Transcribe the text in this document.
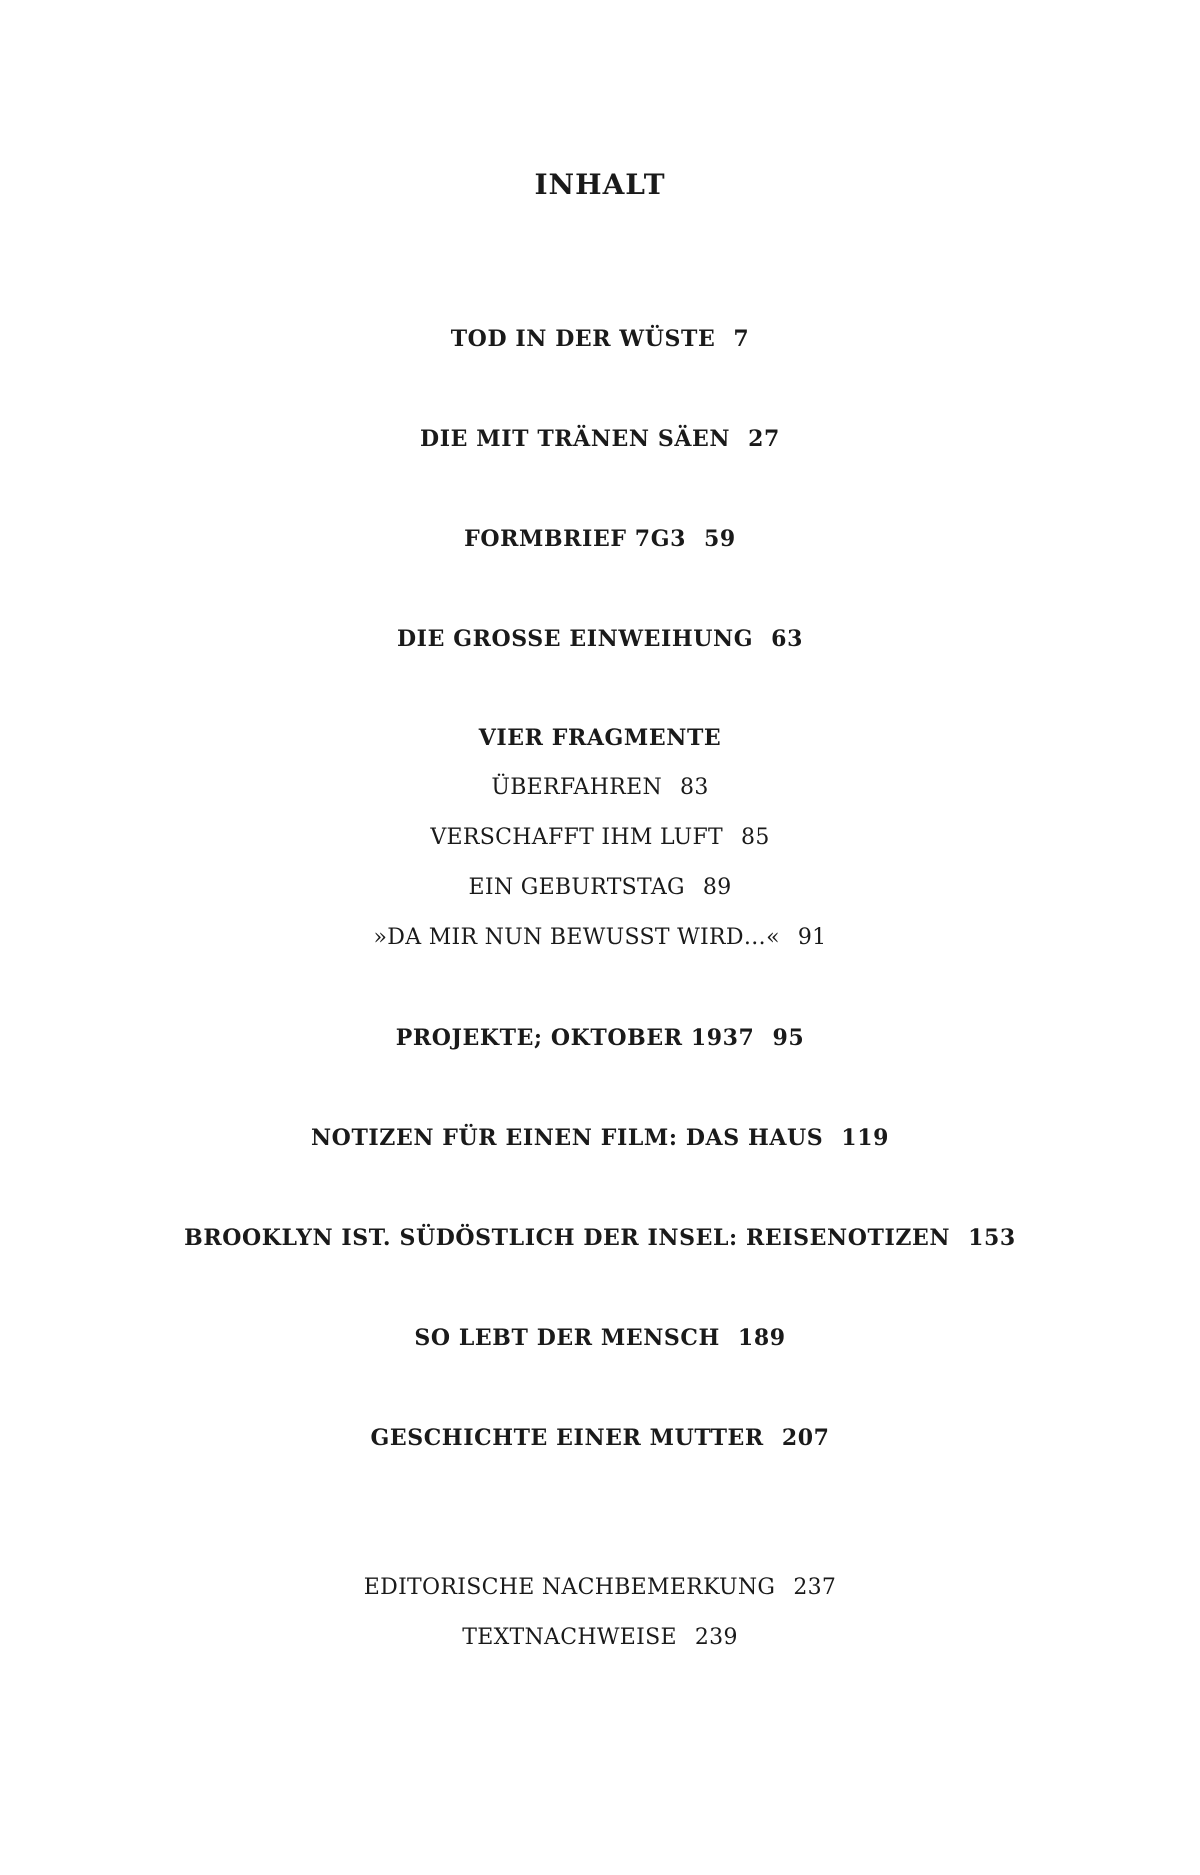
INHALT
TOD IN DER WÜSTE 7
DIE MIT TRÄNEN SÄEN 27
FORMBRIEF 7G3 59
DIE GROSSE EINWEIHUNG 63
VIER FRAGMENTE
ÜBERFAHREN 83
VERSCHAFFT IHM LUFT 85
EIN GEBURTSTAG 89
»DA MIR NUN BEWUSST WIRD…« 91
PROJEKTE; OKTOBER 1937 95
NOTIZEN FÜR EINEN FILM: DAS HAUS 119
BROOKLYN IST. SÜDÖSTLICH DER INSEL: REISENOTIZEN 153
SO LEBT DER MENSCH 189
GESCHICHTE EINER MUTTER 207
EDITORISCHE NACHBEMERKUNG 237
TEXTNACHWEISE 239
